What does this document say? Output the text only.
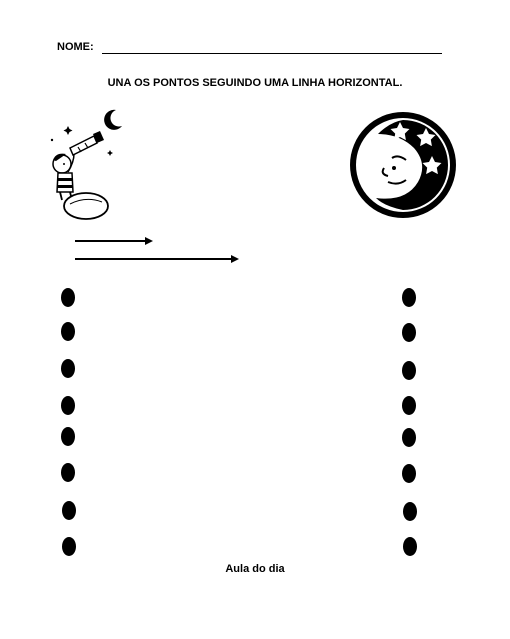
NOME:
UNA OS PONTOS SEGUINDO UMA LINHA HORIZONTAL.
Aula do dia
